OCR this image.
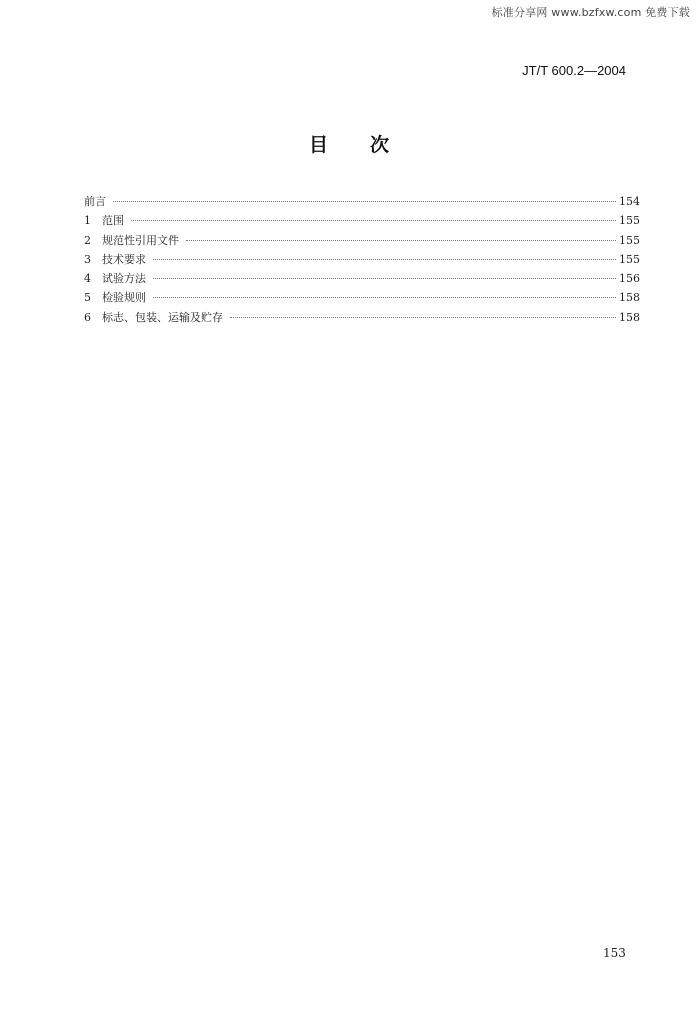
标准分享网 www.bzfxw.com 免费下载
JT/T 600.2—2004
目 次
前言	154
1	范围	155
2	规范性引用文件	155
3	技术要求	155
4	试验方法	156
5	检验规则	158
6	标志、包装、运输及贮存	158
153
